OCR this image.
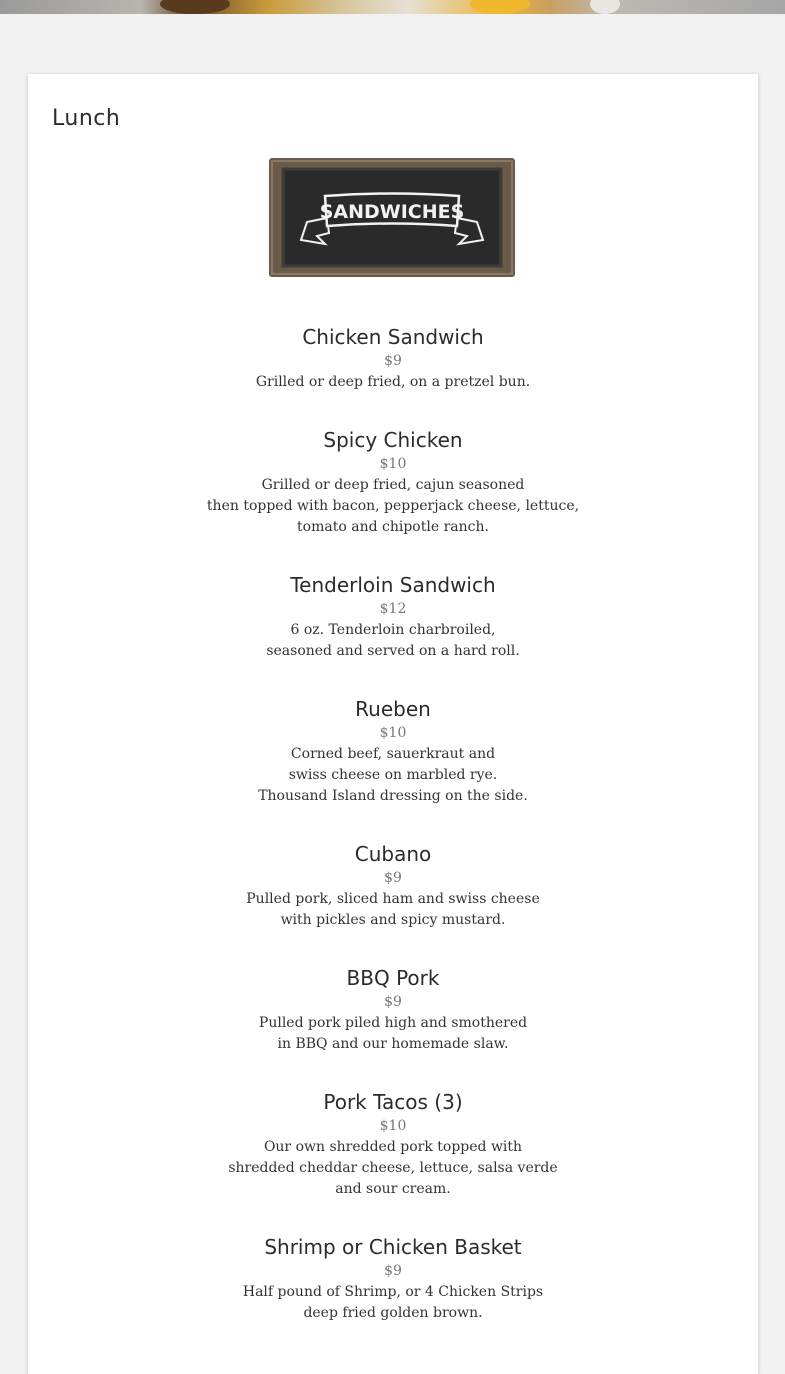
Lunch
SANDWICHES
Chicken Sandwich
$9
Grilled or deep fried, on a pretzel bun.
Spicy Chicken
$10
Grilled or deep fried, cajun seasoned
then topped with bacon, pepperjack cheese, lettuce,
tomato and chipotle ranch.
Tenderloin Sandwich
$12
6 oz. Tenderloin charbroiled,
seasoned and served on a hard roll.
Rueben
$10
Corned beef, sauerkraut and
swiss cheese on marbled rye.
Thousand Island dressing on the side.
Cubano
$9
Pulled pork, sliced ham and swiss cheese
with pickles and spicy mustard.
BBQ Pork
$9
Pulled pork piled high and smothered
in BBQ and our homemade slaw.
Pork Tacos (3)
$10
Our own shredded pork topped with
shredded cheddar cheese, lettuce, salsa verde
and sour cream.
Shrimp or Chicken Basket
$9
Half pound of Shrimp, or 4 Chicken Strips
deep fried golden brown.
